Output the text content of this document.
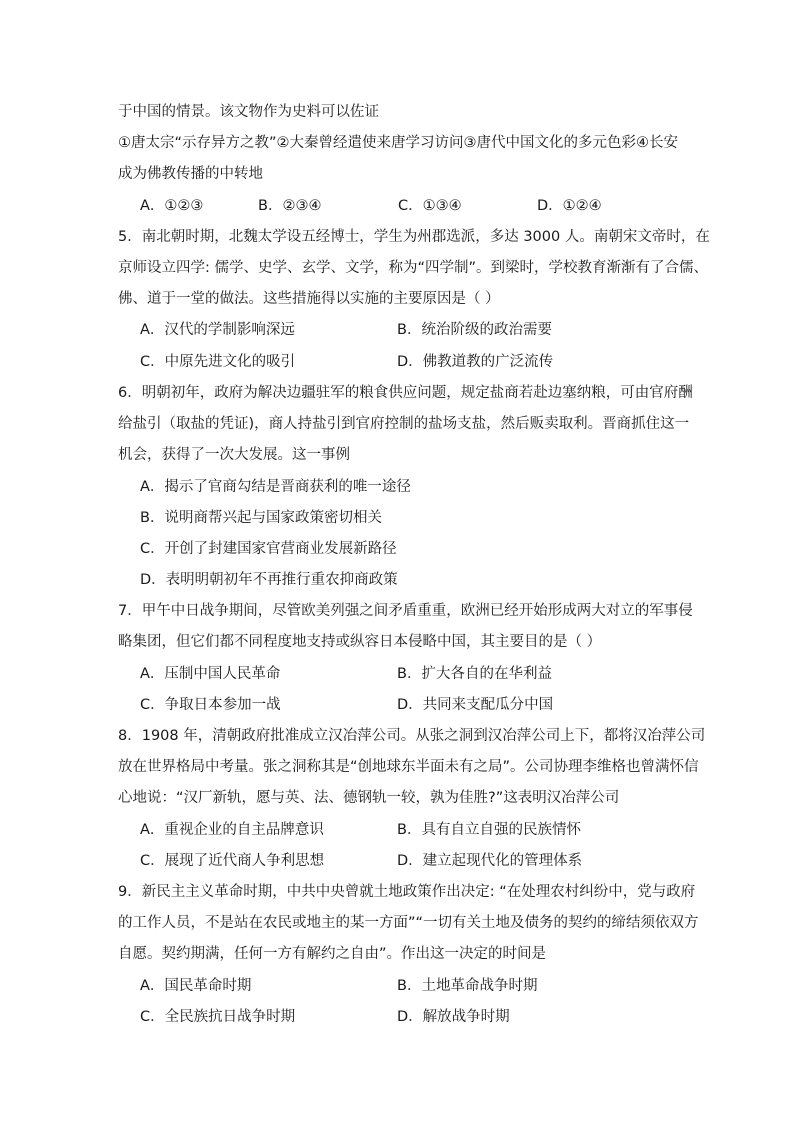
于中国的情景。该文物作为史料可以佐证
①唐太宗“示存异方之教”②大秦曾经遣使来唐学习访问③唐代中国文化的多元色彩④长安
成为佛教传播的中转地
A．①②③	B．②③④	C．①③④	D．①②④
5．南北朝时期，北魏太学设五经博士，学生为州郡选派，多达 3000 人。南朝宋文帝时，在
京师设立四学: 儒学、史学、玄学、文学，称为“四学制”。到梁时，学校教育渐渐有了合儒、
佛、道于一堂的做法。这些措施得以实施的主要原因是（ ）
A．汉代的学制影响深远	B．统治阶级的政治需要
C．中原先进文化的吸引	D．佛教道教的广泛流传
6．明朝初年，政府为解决边疆驻军的粮食供应问题，规定盐商若赴边塞纳粮，可由官府酬
给盐引（取盐的凭证)，商人持盐引到官府控制的盐场支盐，然后贩卖取利。晋商抓住这一
机会，获得了一次大发展。这一事例
A．揭示了官商勾结是晋商获利的唯一途径
B．说明商帮兴起与国家政策密切相关
C．开创了封建国家官营商业发展新路径
D．表明明朝初年不再推行重农抑商政策
7．甲午中日战争期间，尽管欧美列强之间矛盾重重，欧洲已经开始形成两大对立的军事侵
略集团，但它们都不同程度地支持或纵容日本侵略中国，其主要目的是（ ）
A．压制中国人民革命	B．扩大各自的在华利益
C．争取日本参加一战	D．共同来支配瓜分中国
8．1908 年，清朝政府批准成立汉冶萍公司。从张之洞到汉冶萍公司上下，都将汉冶萍公司
放在世界格局中考量。张之洞称其是“创地球东半面未有之局”。公司协理李维格也曾满怀信
心地说：“汉厂新轨，愿与英、法、德钢轨一较，孰为佳胜?”这表明汉冶萍公司
A．重视企业的自主品牌意识	B．具有自立自强的民族情怀
C．展现了近代商人争利思想	D．建立起现代化的管理体系
9．新民主主义革命时期，中共中央曾就土地政策作出决定: “在处理农村纠纷中，党与政府
的工作人员，不是站在农民或地主的某一方面”“一切有关土地及债务的契约的缔结须依双方
自愿。契约期满，任何一方有解约之自由”。作出这一决定的时间是
A．国民革命时期	B．土地革命战争时期
C．全民族抗日战争时期	D．解放战争时期
